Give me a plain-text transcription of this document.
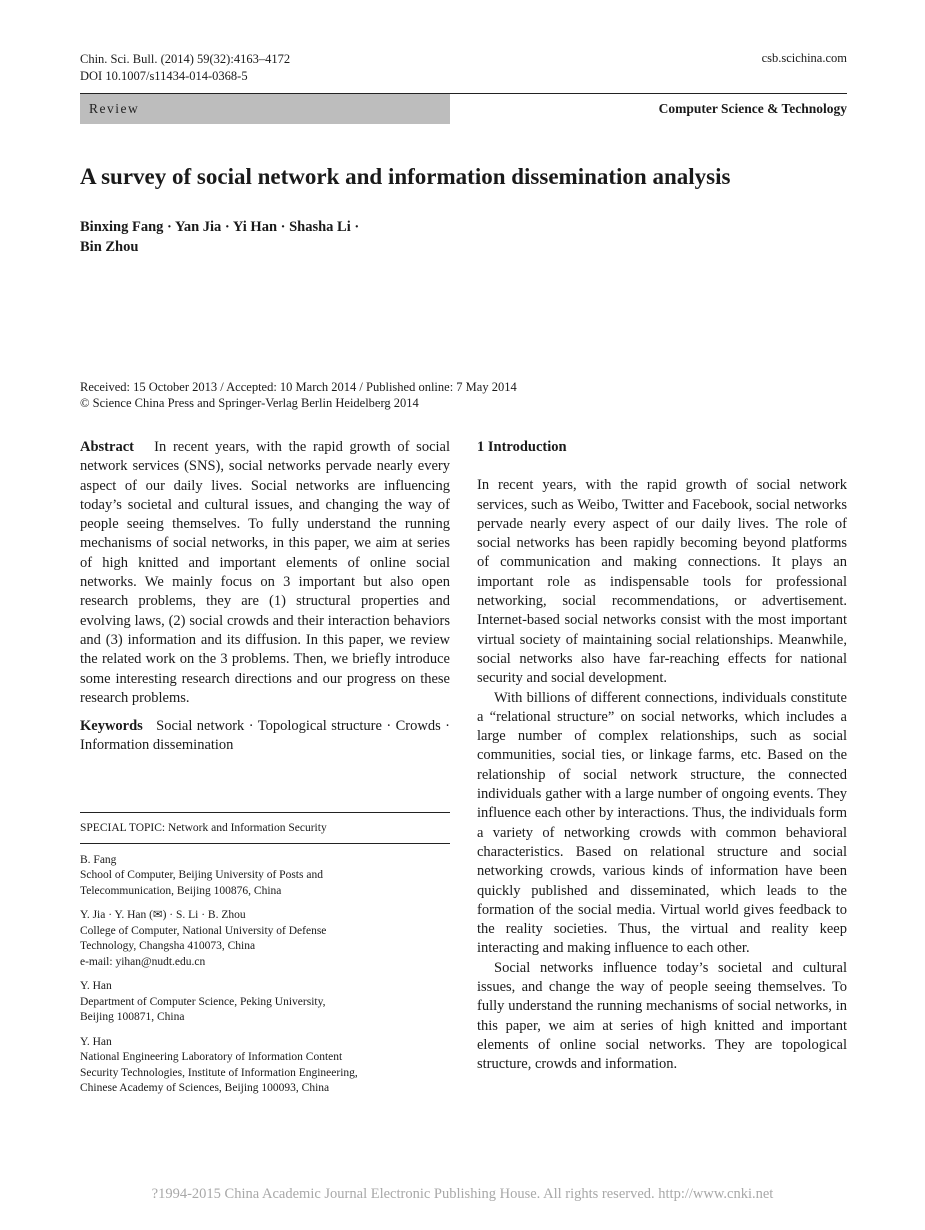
Chin. Sci. Bull. (2014) 59(32):4163–4172
DOI 10.1007/s11434-014-0368-5
csb.scichina.com
Review	Computer Science & Technology
A survey of social network and information dissemination analysis
Binxing Fang · Yan Jia · Yi Han · Shasha Li ·
Bin Zhou
Received: 15 October 2013 / Accepted: 10 March 2014 / Published online: 7 May 2014
© Science China Press and Springer-Verlag Berlin Heidelberg 2014

Abstract In recent years, with the rapid growth of social network services (SNS), social networks pervade nearly every aspect of our daily lives. Social networks are influencing today’s societal and cultural issues, and changing the way of people seeing themselves. To fully understand the running mechanisms of social networks, in this paper, we aim at series of high knitted and important elements of online social networks. We mainly focus on 3 important but also open research problems, they are (1) structural properties and evolving laws, (2) social crowds and their interaction behaviors and (3) information and its diffusion. In this paper, we review the related work on the 3 problems. Then, we briefly introduce some interesting research directions and our progress on these research problems.

Keywords Social network · Topological structure · Crowds · Information dissemination

SPECIAL TOPIC: Network and Information Security
B. Fang
School of Computer, Beijing University of Posts and
Telecommunication, Beijing 100876, China
Y. Jia · Y. Han (✉) · S. Li · B. Zhou
College of Computer, National University of Defense
Technology, Changsha 410073, China
e-mail: yihan@nudt.edu.cn
Y. Han
Department of Computer Science, Peking University,
Beijing 100871, China
Y. Han
National Engineering Laboratory of Information Content
Security Technologies, Institute of Information Engineering,
Chinese Academy of Sciences, Beijing 100093, China

1 Introduction

In recent years, with the rapid growth of social network services, such as Weibo, Twitter and Facebook, social networks pervade nearly every aspect of our daily lives. The role of social networks has been rapidly becoming beyond platforms of communication and making connections. It plays an important role as indispensable tools for professional networking, social recommendations, or advertisement. Internet-based social networks consist with the most important virtual society of maintaining social relationships. Meanwhile, social networks also have far-reaching effects for national security and social development.

With billions of different connections, individuals constitute a “relational structure” on social networks, which includes a large number of complex relationships, such as social communities, social ties, or linkage farms, etc. Based on the relationship of social network structure, the connected individuals gather with a large number of ongoing events. They influence each other by interactions. Thus, the individuals form a variety of networking crowds with common behavioral characteristics. Based on relational structure and social networking crowds, various kinds of information have been quickly published and disseminated, which leads to the formation of the social media. Virtual world gives feedback to the reality societies. Thus, the virtual and reality keep interacting and making influence to each other.

Social networks influence today’s societal and cultural issues, and change the way of people seeing themselves. To fully understand the running mechanisms of social networks, in this paper, we aim at series of high knitted and important elements of online social networks. They are topological structure, crowds and information.

?1994-2015 China Academic Journal Electronic Publishing House. All rights reserved. http://www.cnki.net
